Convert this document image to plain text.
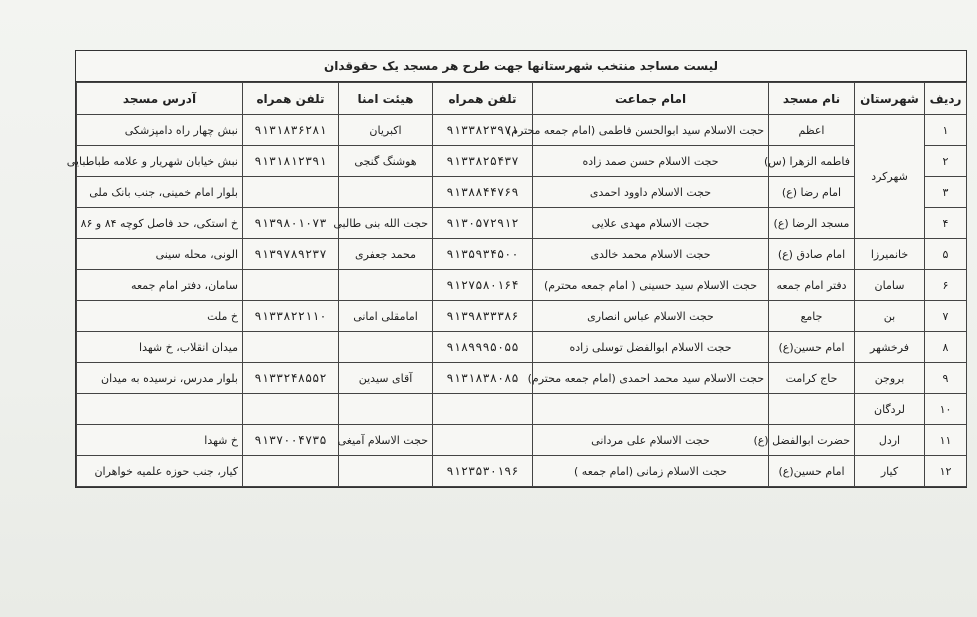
لیست مساجد منتخب شهرستانها جهت طرح هر مسجد یک حقوقدان
ردیف	شهرستان	نام مسجد	امام جماعت	تلفن همراه	هیئت امنا	تلفن همراه	آدرس مسجد
۱	شهرکرد	اعظم	حجت الاسلام سید ابوالحسن فاطمی (امام جمعه محترم)	۹۱۳۳۸۲۳۹۷۱	اکبریان	۹۱۳۱۸۳۶۲۸۱	نبش چهار راه دامپزشکی
۲		فاطمه الزهرا (س)	حجت الاسلام حسن صمد زاده	۹۱۳۳۸۲۵۴۳۷	هوشنگ گنجی	۹۱۳۱۸۱۲۳۹۱	نبش خیابان شهریار و علامه طباطبایی
۳		امام رضا (ع)	حجت الاسلام داوود احمدی	۹۱۳۸۸۴۴۷۶۹			بلوار امام خمینی، جنب بانک ملی
۴		مسجد الرضا (ع)	حجت الاسلام مهدی علایی	۹۱۳۰۵۷۲۹۱۲	حجت الله بنی طالبی	۹۱۳۹۸۰۱۰۷۳	خ استکی، حد فاصل کوچه ۸۴ و ۸۶
۵	خانمیرزا	امام صادق (ع)	حجت الاسلام محمد خالدی	۹۱۳۵۹۳۴۵۰۰	محمد جعفری	۹۱۳۹۷۸۹۲۳۷	الونی، محله سینی
۶	سامان	دفتر امام جمعه	حجت الاسلام سید حسینی ( امام جمعه محترم)	۹۱۲۷۵۸۰۱۶۴			سامان، دفتر امام جمعه
۷	بن	جامع	حجت الاسلام عباس انصاری	۹۱۳۹۸۳۳۳۸۶	امامقلی امانی	۹۱۳۳۸۲۲۱۱۰	خ ملت
۸	فرخشهر	امام حسین(ع)	حجت الاسلام ابوالفضل توسلی زاده	۹۱۸۹۹۹۵۰۵۵			میدان انقلاب، خ شهدا
۹	بروجن	حاج کرامت	حجت الاسلام سید محمد احمدی (امام جمعه محترم)	۹۱۳۱۸۳۸۰۸۵	آقای سیدین	۹۱۳۳۲۴۸۵۵۲	بلوار مدرس، نرسیده به میدان
۱۰	لردگان						
۱۱	اردل	حضرت ابوالفضل (ع)	حجت الاسلام علی مردانی		حجت الاسلام آمیغی	۹۱۳۷۰۰۴۷۳۵	خ شهدا
۱۲	کیار	امام حسین(ع)	حجت الاسلام زمانی (امام جمعه )	۹۱۲۳۵۳۰۱۹۶			کیار، جنب حوزه علمیه خواهران
